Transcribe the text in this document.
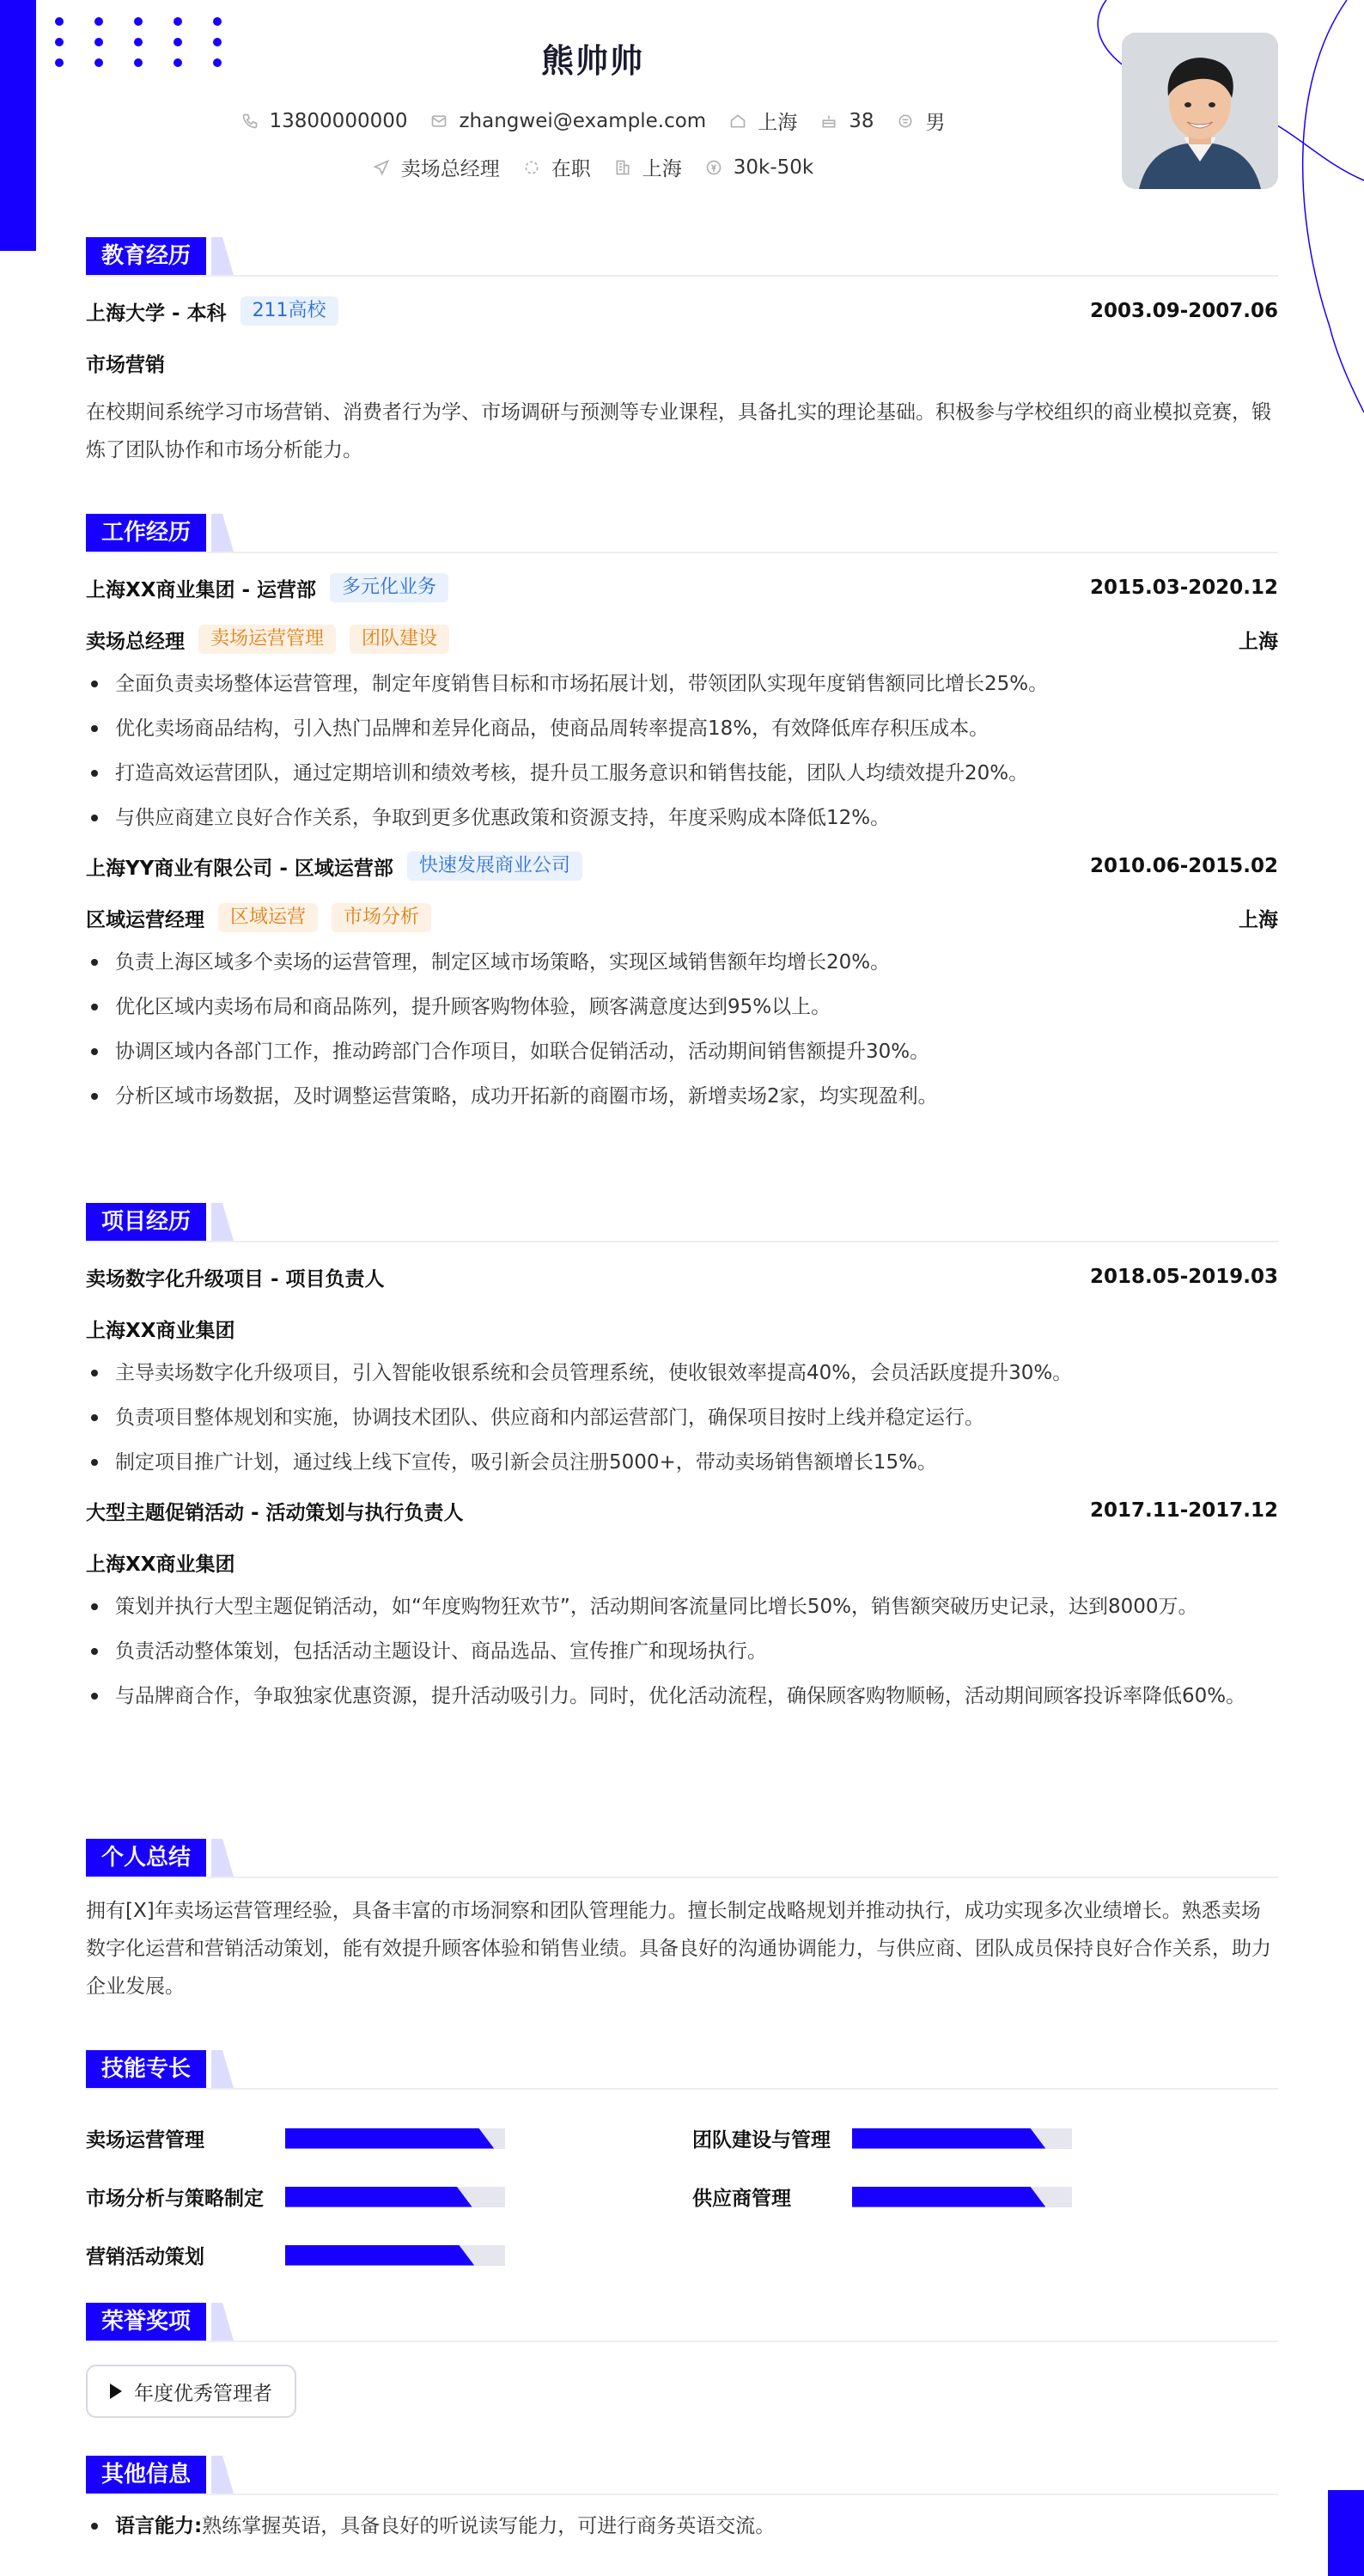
熊帅帅
13800000000	zhangwei@example.com	上海	38	男
卖场总经理	在职	上海	30k-50k
教育经历
上海大学 - 本科	211高校	2003.09-2007.06
市场营销
在校期间系统学习市场营销、消费者行为学、市场调研与预测等专业课程，具备扎实的理论基础。积极参与学校组织的商业模拟竞赛，锻炼了团队协作和市场分析能力。
工作经历
上海XX商业集团 - 运营部	多元化业务	2015.03-2020.12
卖场总经理	卖场运营管理	团队建设	上海
全面负责卖场整体运营管理，制定年度销售目标和市场拓展计划，带领团队实现年度销售额同比增长25%。
优化卖场商品结构，引入热门品牌和差异化商品，使商品周转率提高18%，有效降低库存积压成本。
打造高效运营团队，通过定期培训和绩效考核，提升员工服务意识和销售技能，团队人均绩效提升20%。
与供应商建立良好合作关系，争取到更多优惠政策和资源支持，年度采购成本降低12%。
上海YY商业有限公司 - 区域运营部	快速发展商业公司	2010.06-2015.02
区域运营经理	区域运营	市场分析	上海
负责上海区域多个卖场的运营管理，制定区域市场策略，实现区域销售额年均增长20%。
优化区域内卖场布局和商品陈列，提升顾客购物体验，顾客满意度达到95%以上。
协调区域内各部门工作，推动跨部门合作项目，如联合促销活动，活动期间销售额提升30%。
分析区域市场数据，及时调整运营策略，成功开拓新的商圈市场，新增卖场2家，均实现盈利。
项目经历
卖场数字化升级项目 - 项目负责人	2018.05-2019.03
上海XX商业集团
主导卖场数字化升级项目，引入智能收银系统和会员管理系统，使收银效率提高40%，会员活跃度提升30%。
负责项目整体规划和实施，协调技术团队、供应商和内部运营部门，确保项目按时上线并稳定运行。
制定项目推广计划，通过线上线下宣传，吸引新会员注册5000+，带动卖场销售额增长15%。
大型主题促销活动 - 活动策划与执行负责人	2017.11-2017.12
上海XX商业集团
策划并执行大型主题促销活动，如“年度购物狂欢节”，活动期间客流量同比增长50%，销售额突破历史记录，达到8000万。
负责活动整体策划，包括活动主题设计、商品选品、宣传推广和现场执行。
与品牌商合作，争取独家优惠资源，提升活动吸引力。同时，优化活动流程，确保顾客购物顺畅，活动期间顾客投诉率降低60%。
个人总结
拥有[X]年卖场运营管理经验，具备丰富的市场洞察和团队管理能力。擅长制定战略规划并推动执行，成功实现多次业绩增长。熟悉卖场数字化运营和营销活动策划，能有效提升顾客体验和销售业绩。具备良好的沟通协调能力，与供应商、团队成员保持良好合作关系，助力企业发展。
技能专长
卖场运营管理	团队建设与管理
市场分析与策略制定	供应商管理
营销活动策划
荣誉奖项
年度优秀管理者
其他信息
语言能力:熟练掌握英语，具备良好的听说读写能力，可进行商务英语交流。
